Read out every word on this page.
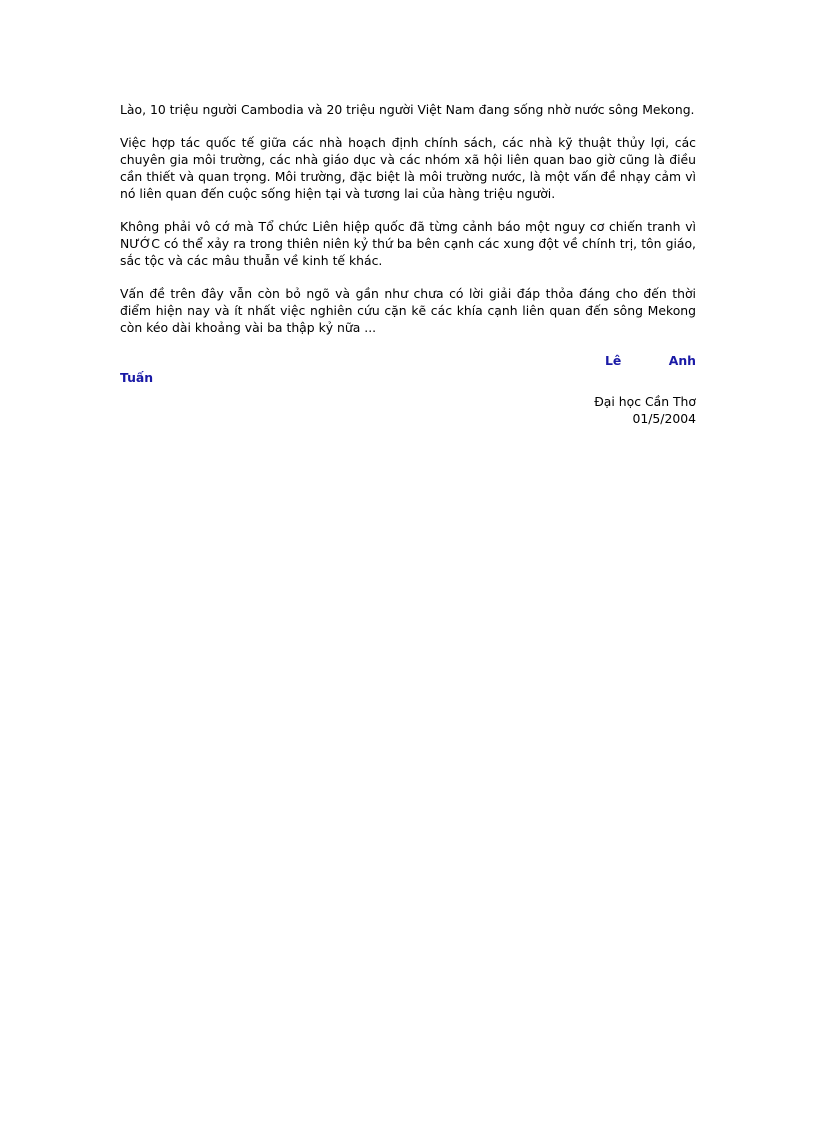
Lào, 10 triệu người Cambodia và 20 triệu người Việt Nam đang sống nhờ nước sông Mekong.

Việc hợp tác quốc tế giữa các nhà hoạch định chính sách, các nhà kỹ thuật thủy lợi, các chuyên gia môi trường, các nhà giáo dục và các nhóm xã hội liên quan bao giờ cũng là điều cần thiết và quan trọng. Môi trường, đặc biệt là môi trường nước, là một vấn đề nhạy cảm vì nó liên quan đến cuộc sống hiện tại và tương lai của hàng triệu người.

Không phải vô cớ mà Tổ chức Liên hiệp quốc đã từng cảnh báo một nguy cơ chiến tranh vì NƯỚC có thể xảy ra trong thiên niên kỷ thứ ba bên cạnh các xung đột về chính trị, tôn giáo, sắc tộc và các mâu thuẫn về kinh tế khác.

Vấn đề trên đây vẫn còn bỏ ngõ và gần như chưa có lời giải đáp thỏa đáng cho đến thời điểm hiện nay và ít nhất việc nghiên cứu cặn kẽ các khía cạnh liên quan đến sông Mekong còn kéo dài khoảng vài ba thập kỷ nữa ...

Lê	Anh

Tuấn

Đại học Cần Thơ

01/5/2004
